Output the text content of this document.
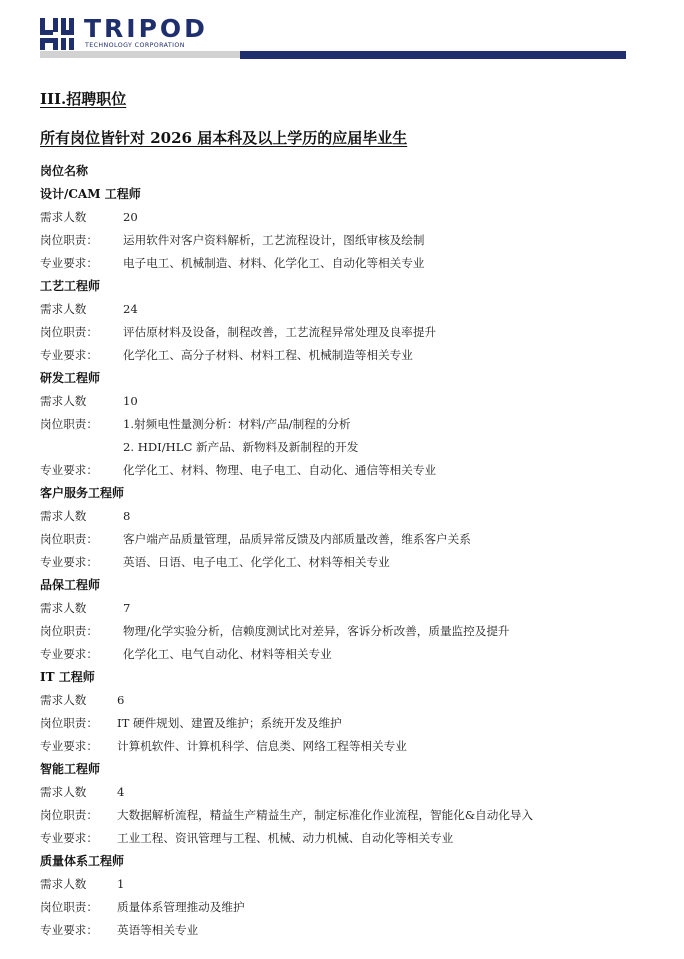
TRIPOD
TECHNOLOGY CORPORATION
III.招聘职位
所有岗位皆针对 2026 届本科及以上学历的应届毕业生
岗位名称
设计/CAM 工程师
需求人数	20
岗位职责： 运用软件对客户资料解析，工艺流程设计，图纸审核及绘制
专业要求： 电子电工、机械制造、材料、化学化工、自动化等相关专业
工艺工程师
需求人数	24
岗位职责： 评估原材料及设备，制程改善，工艺流程异常处理及良率提升
专业要求： 化学化工、高分子材料、材料工程、机械制造等相关专业
研发工程师
需求人数	10
岗位职责： 1.射频电性量测分析：材料/产品/制程的分析
2. HDI/HLC 新产品、新物料及新制程的开发
专业要求： 化学化工、材料、物理、电子电工、自动化、通信等相关专业
客户服务工程师
需求人数	8
岗位职责： 客户端产品质量管理，品质异常反馈及内部质量改善，维系客户关系
专业要求： 英语、日语、电子电工、化学化工、材料等相关专业
品保工程师
需求人数	7
岗位职责： 物理/化学实验分析，信赖度测试比对差异，客诉分析改善，质量监控及提升
专业要求： 化学化工、电气自动化、材料等相关专业
IT 工程师
需求人数	6
岗位职责： IT 硬件规划、建置及维护；系统开发及维护
专业要求： 计算机软件、计算机科学、信息类、网络工程等相关专业
智能工程师
需求人数	4
岗位职责： 大数据解析流程，精益生产精益生产，制定标准化作业流程，智能化&自动化导入
专业要求： 工业工程、资讯管理与工程、机械、动力机械、自动化等相关专业
质量体系工程师
需求人数	1
岗位职责： 质量体系管理推动及维护
专业要求： 英语等相关专业
